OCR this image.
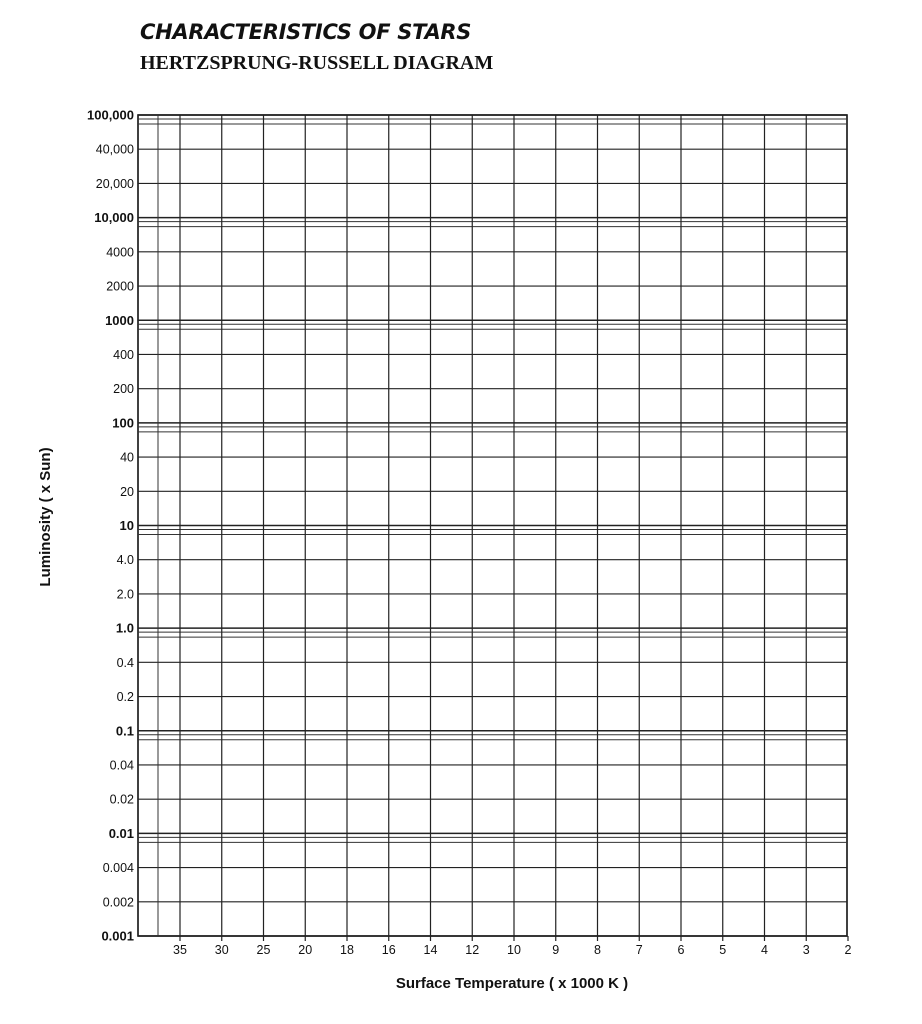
CHARACTERISTICS OF STARS
HERTZSPRUNG-RUSSELL DIAGRAM
100,000
40,000
20,000
10,000
4000
2000
1000
400
200
100
40
20
10
4.0
2.0
1.0
0.4
0.2
0.1
0.04
0.02
0.01
0.004
0.002
0.001
35 30 25 20 18 16 14 12 10	9	8	7	6	5	4	3	2
Luminosity ( x Sun)
Surface Temperature ( x 1000 K )
